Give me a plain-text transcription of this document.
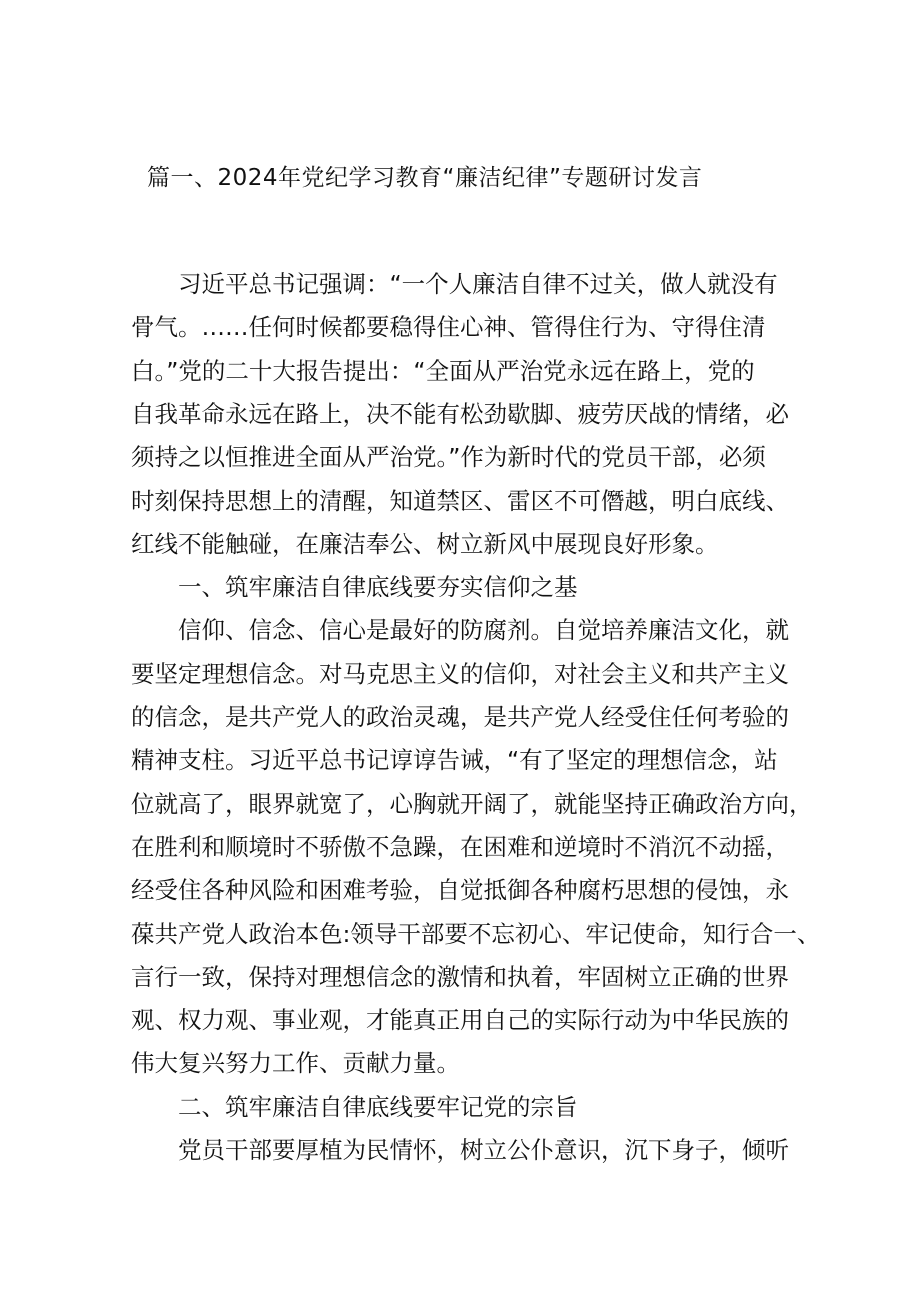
篇一、2024年党纪学习教育“廉洁纪律”专题研讨发言
　　习近平总书记强调：“一个人廉洁自律不过关，做人就没有
骨气。……任何时候都要稳得住心神、管得住行为、守得住清
白。”党的二十大报告提出：“全面从严治党永远在路上，党的
自我革命永远在路上，决不能有松劲歇脚、疲劳厌战的情绪，必
须持之以恒推进全面从严治党。”作为新时代的党员干部，必须
时刻保持思想上的清醒，知道禁区、雷区不可僭越，明白底线、
红线不能触碰，在廉洁奉公、树立新风中展现良好形象。
　　一、筑牢廉洁自律底线要夯实信仰之基
　　信仰、信念、信心是最好的防腐剂。自觉培养廉洁文化，就
要坚定理想信念。对马克思主义的信仰，对社会主义和共产主义
的信念，是共产党人的政治灵魂，是共产党人经受住任何考验的
精神支柱。习近平总书记谆谆告诫，“有了坚定的理想信念，站
位就高了，眼界就宽了，心胸就开阔了，就能坚持正确政治方向，
在胜利和顺境时不骄傲不急躁，在困难和逆境时不消沉不动摇，
经受住各种风险和困难考验，自觉抵御各种腐朽思想的侵蚀，永
葆共产党人政治本色:领导干部要不忘初心、牢记使命，知行合一、
言行一致，保持对理想信念的激情和执着，牢固树立正确的世界
观、权力观、事业观，才能真正用自己的实际行动为中华民族的
伟大复兴努力工作、贡献力量。
　　二、筑牢廉洁自律底线要牢记党的宗旨
　　党员干部要厚植为民情怀，树立公仆意识，沉下身子，倾听
